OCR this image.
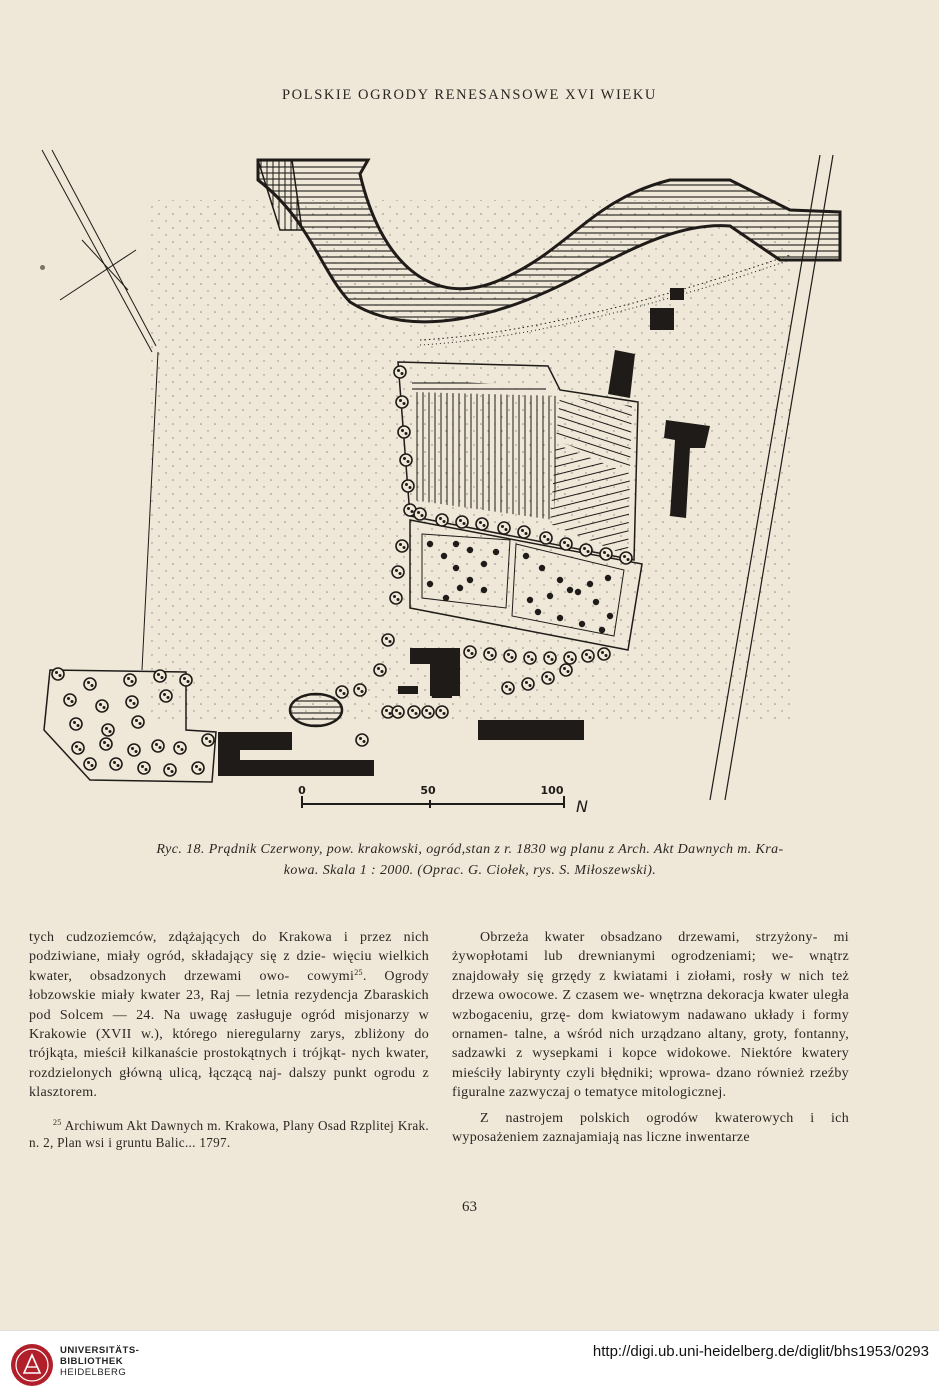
POLSKIE OGRODY RENESANSOWE XVI WIEKU
0	50	100
N

Ryc. 18. Prądnik Czerwony, pow. krakowski, ogród,stan z r. 1830 wg planu z Arch. Akt Dawnych m. Kra-

kowa. Skala 1 : 2000. (Oprac. G. Ciołek, rys. S. Miłoszewski).

tych cudzoziemców, zdążających do Krakowa i przez nich podziwiane, miały ogród, składający się z dzie- więciu wielkich kwater, obsadzonych drzewami owo- cowymi$^{25}$. Ogrody łobzowskie miały kwater 23, Raj — letnia rezydencja Zbaraskich pod Solcem — 24. Na uwagę zasługuje ogród misjonarzy w Krakowie (XVII w.), którego nieregularny zarys, zbliżony do trójkąta, mieścił kilkanaście prostokątnych i trójkąt- nych kwater, rozdzielonych główną ulicą, łączącą naj- dalszy punkt ogrodu z klasztorem.

$^{25}$ Archiwum Akt Dawnych m. Krakowa, Plany Osad Rzplitej Krak. n. 2, Plan wsi i gruntu Balic... 1797.

Obrzeża kwater obsadzano drzewami, strzyżony- mi żywopłotami lub drewnianymi ogrodzeniami; we- wnątrz znajdowały się grzędy z kwiatami i ziołami, rosły w nich też drzewa owocowe. Z czasem we- wnętrzna dekoracja kwater uległa wzbogaceniu, grzę- dom kwiatowym nadawano układy i formy ornamen- talne, a wśród nich urządzano altany, groty, fontanny, sadzawki z wysepkami i kopce widokowe. Niektóre kwatery mieściły labirynty czyli błędniki; wprowa- dzano również rzeźby figuralne zazwyczaj o tematyce mitologicznej.

Z nastrojem polskich ogrodów kwaterowych i ich wyposażeniem zaznajamiają nas liczne inwentarze

63
UNIVERSITÄTS-
BIBLIOTHEK
HEIDELBERG
http://digi.ub.uni-heidelberg.de/diglit/bhs1953/0293
